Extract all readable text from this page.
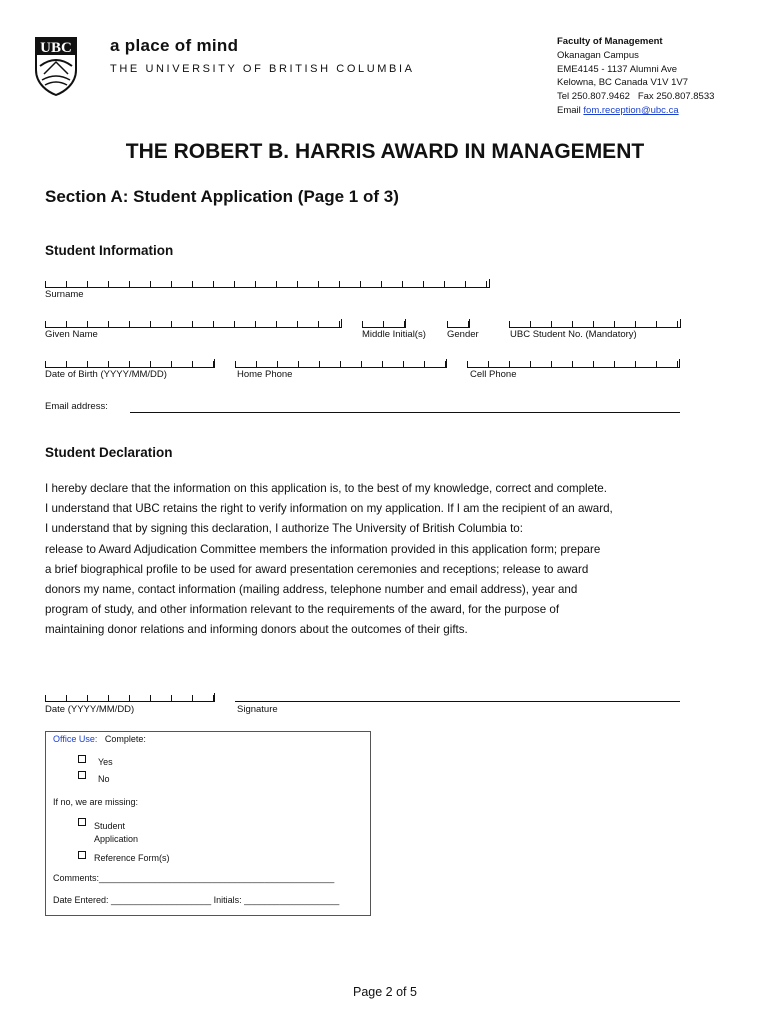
UBC a place of mind
THE UNIVERSITY OF BRITISH COLUMBIA
Faculty of Management
Okanagan Campus
EME4145 - 1137 Alumni Ave
Kelowna, BC Canada V1V 1V7
Tel 250.807.9462   Fax 250.807.8533
Email fom.reception@ubc.ca
THE ROBERT B. HARRIS AWARD IN MANAGEMENT
Section A: Student Application (Page 1 of 3)
Student Information
Surname
Given Name	Middle Initial(s) Gender	UBC Student No. (Mandatory)
Date of Birth (YYYY/MM/DD)	Home Phone	Cell Phone
Email address:
Student Declaration

I hereby declare that the information on this application is, to the best of my knowledge, correct and complete.

I understand that UBC retains the right to verify information on my application. If I am the recipient of an award,

I understand that by signing this declaration, I authorize The University of British Columbia to:

release to Award Adjudication Committee members the information provided in this application form; prepare

a brief biographical profile to be used for award presentation ceremonies and receptions; release to award

donors my name, contact information (mailing address, telephone number and email address), year and

program of study, and other information relevant to the requirements of the award, for the purpose of

maintaining donor relations and informing donors about the outcomes of their gifts.

Date (YYYY/MM/DD)	Signature
Office Use: Complete:
Yes
No
If no, we are missing:
Student
Application
Reference Form(s)
Comments:_______________________________________________
Date Entered: ____________________ Initials: ___________________
Page 2 of 5
